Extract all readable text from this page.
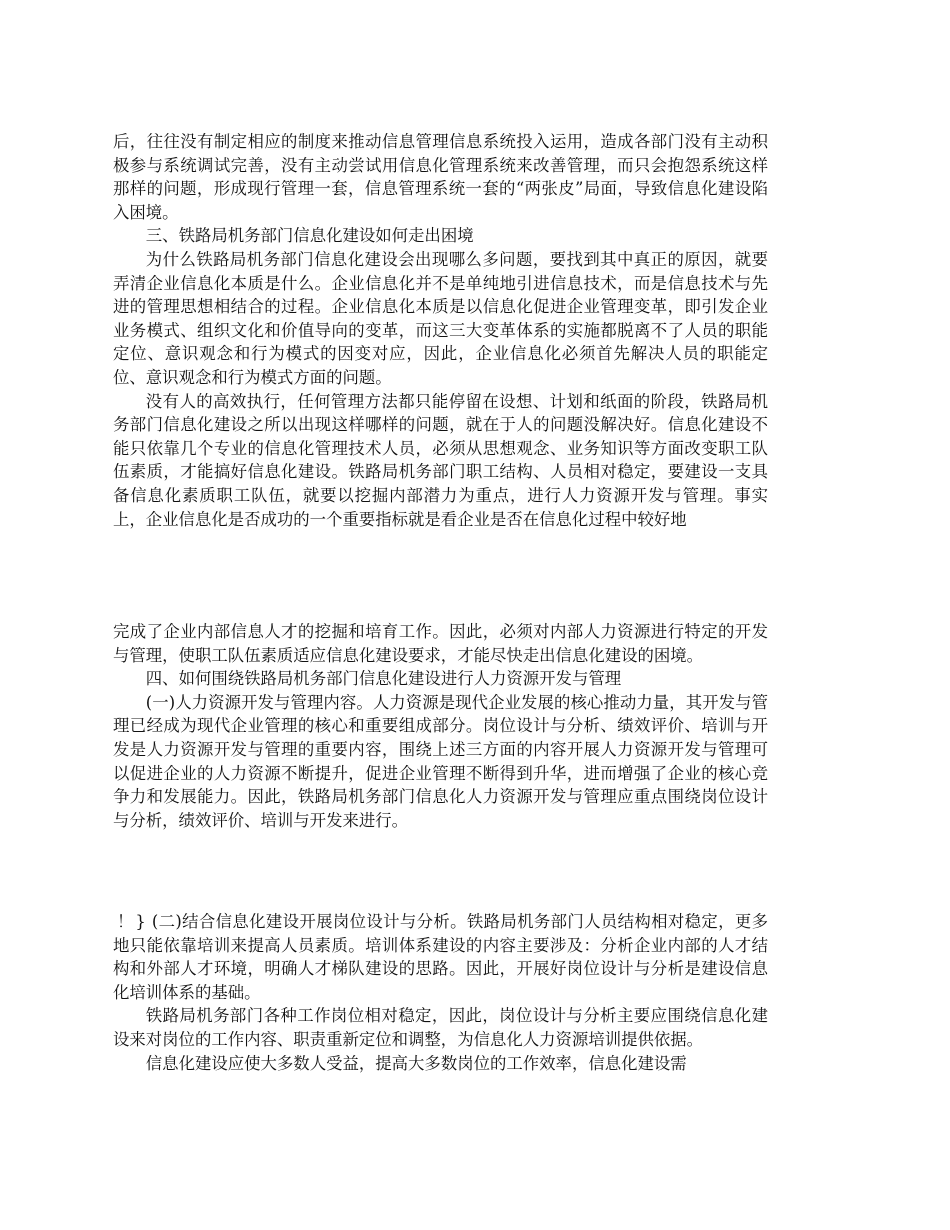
后，往往没有制定相应的制度来推动信息管理信息系统投入运用，造成各部门没有主动积极参与系统调试完善，没有主动尝试用信息化管理系统来改善管理，而只会抱怨系统这样那样的问题，形成现行管理一套，信息管理系统一套的“两张皮”局面，导致信息化建设陷入困境。

三、铁路局机务部门信息化建设如何走出困境

为什么铁路局机务部门信息化建设会出现哪么多问题，要找到其中真正的原因，就要弄清企业信息化本质是什么。企业信息化并不是单纯地引进信息技术，而是信息技术与先进的管理思想相结合的过程。企业信息化本质是以信息化促进企业管理变革，即引发企业业务模式、组织文化和价值导向的变革，而这三大变革体系的实施都脱离不了人员的职能定位、意识观念和行为模式的因变对应，因此，企业信息化必须首先解决人员的职能定位、意识观念和行为模式方面的问题。

没有人的高效执行，任何管理方法都只能停留在设想、计划和纸面的阶段，铁路局机务部门信息化建设之所以出现这样哪样的问题，就在于人的问题没解决好。信息化建设不能只依靠几个专业的信息化管理技术人员，必须从思想观念、业务知识等方面改变职工队伍素质，才能搞好信息化建设。铁路局机务部门职工结构、人员相对稳定，要建设一支具备信息化素质职工队伍，就要以挖掘内部潜力为重点，进行人力资源开发与管理。事实上，企业信息化是否成功的一个重要指标就是看企业是否在信息化过程中较好地

完成了企业内部信息人才的挖掘和培育工作。因此，必须对内部人力资源进行特定的开发与管理，使职工队伍素质适应信息化建设要求，才能尽快走出信息化建设的困境。

四、如何围绕铁路局机务部门信息化建设进行人力资源开发与管理

(一)人力资源开发与管理内容。人力资源是现代企业发展的核心推动力量，其开发与管理已经成为现代企业管理的核心和重要组成部分。岗位设计与分析、绩效评价、培训与开发是人力资源开发与管理的重要内容，围绕上述三方面的内容开展人力资源开发与管理可以促进企业的人力资源不断提升，促进企业管理不断得到升华，进而增强了企业的核心竞争力和发展能力。因此，铁路局机务部门信息化人力资源开发与管理应重点围绕岗位设计与分析，绩效评价、培训与开发来进行。

！} (二)结合信息化建设开展岗位设计与分析。铁路局机务部门人员结构相对稳定，更多地只能依靠培训来提高人员素质。培训体系建设的内容主要涉及：分析企业内部的人才结构和外部人才环境，明确人才梯队建设的思路。因此，开展好岗位设计与分析是建设信息化培训体系的基础。

铁路局机务部门各种工作岗位相对稳定，因此，岗位设计与分析主要应围绕信息化建设来对岗位的工作内容、职责重新定位和调整，为信息化人力资源培训提供依据。

信息化建设应使大多数人受益，提高大多数岗位的工作效率，信息化建设需
